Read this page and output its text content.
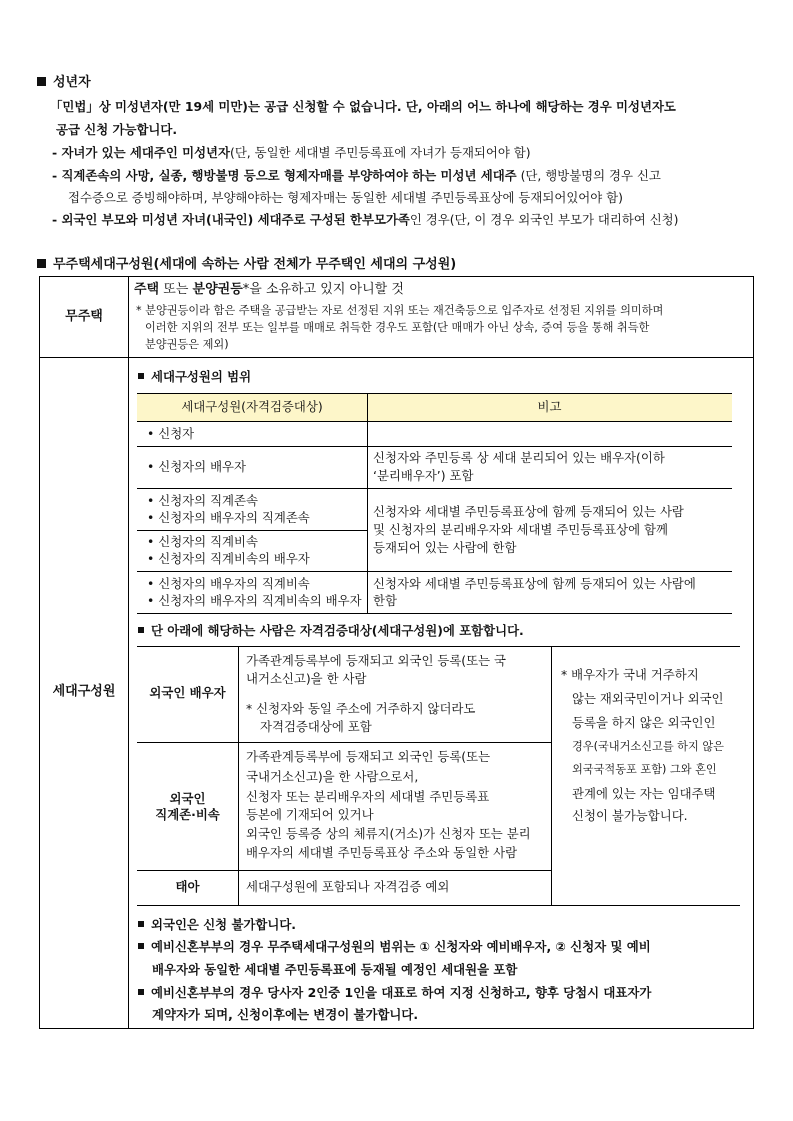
성년자
「민법」상 미성년자(만 19세 미만)는 공급 신청할 수 없습니다. 단, 아래의 어느 하나에 해당하는 경우 미성년자도
공급 신청 가능합니다.
- 자녀가 있는 세대주인 미성년자(단, 동일한 세대별 주민등록표에 자녀가 등재되어야 함)
- 직계존속의 사망, 실종, 행방불명 등으로 형제자매를 부양하여야 하는 미성년 세대주 (단, 행방불명의 경우 신고
접수증으로 증빙해야하며, 부양해야하는 형제자매는 동일한 세대별 주민등록표상에 등재되어있어야 함)
- 외국인 부모와 미성년 자녀(내국인) 세대주로 구성된 한부모가족인 경우(단, 이 경우 외국인 부모가 대리하여 신청)
무주택세대구성원(세대에 속하는 사람 전체가 무주택인 세대의 구성원)
무주택
주택 또는 분양권등*을 소유하고 있지 아니할 것
* 분양권등이라 함은 주택을 공급받는 자로 선정된 지위 또는 재건축등으로 입주자로 선정된 지위를 의미하며
이러한 지위의 전부 또는 일부를 매매로 취득한 경우도 포함(단 매매가 아닌 상속, 증여 등을 통해 취득한
분양권등은 제외)
세대구성원
세대구성원의 범위
세대구성원(자격검증대상)	비고
• 신청자
• 신청자의 배우자
신청자와 주민등록 상 세대 분리되어 있는 배우자(이하
‘분리배우자’) 포함
• 신청자의 직계존속
• 신청자의 배우자의 직계존속
• 신청자의 직계비속
• 신청자의 직계비속의 배우자
신청자와 세대별 주민등록표상에 함께 등재되어 있는 사람
및 신청자의 분리배우자와 세대별 주민등록표상에 함께
등재되어 있는 사람에 한함
• 신청자의 배우자의 직계비속
• 신청자의 배우자의 직계비속의 배우자
신청자와 세대별 주민등록표상에 함께 등재되어 있는 사람에
한함
단 아래에 해당하는 사람은 자격검증대상(세대구성원)에 포함합니다.
외국인 배우자
가족관계등록부에 등재되고 외국인 등록(또는 국
내거소신고)을 한 사람
* 신청자와 동일 주소에 거주하지 않더라도
자격검증대상에 포함
외국인
직계존·비속
가족관계등록부에 등재되고 외국인 등록(또는
국내거소신고)을 한 사람으로서,
신청자 또는 분리배우자의 세대별 주민등록표
등본에 기재되어 있거나
외국인 등록증 상의 체류지(거소)가 신청자 또는 분리
배우자의 세대별 주민등록표상 주소와 동일한 사람
태아	세대구성원에 포함되나 자격검증 예외
* 배우자가 국내 거주하지
않는 재외국민이거나 외국인
등록을 하지 않은 외국인인
경우(국내거소신고를 하지 않은
외국국적동포 포함) 그와 혼인
관계에 있는 자는 임대주택
신청이 불가능합니다.
외국인은 신청 불가합니다.
예비신혼부부의 경우 무주택세대구성원의 범위는 ① 신청자와 예비배우자, ② 신청자 및 예비
배우자와 동일한 세대별 주민등록표에 등재될 예정인 세대원을 포함
예비신혼부부의 경우 당사자 2인중 1인을 대표로 하여 지정 신청하고, 향후 당첨시 대표자가
계약자가 되며, 신청이후에는 변경이 불가합니다.
